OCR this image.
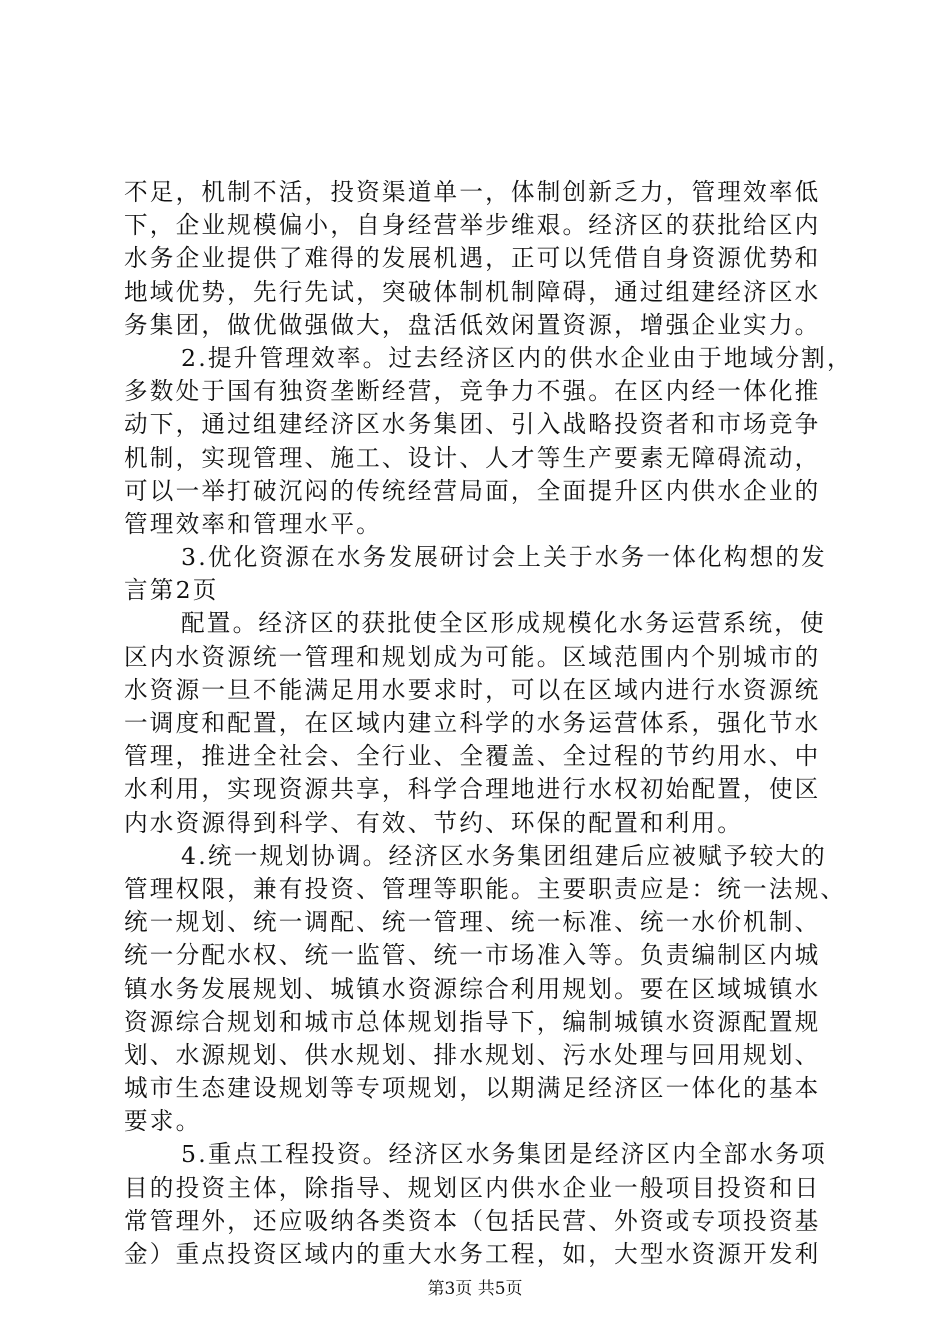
不足，机制不活，投资渠道单一，体制创新乏力，管理效率低
下，企业规模偏小，自身经营举步维艰。经济区的获批给区内
水务企业提供了难得的发展机遇，正可以凭借自身资源优势和
地域优势，先行先试，突破体制机制障碍，通过组建经济区水
务集团，做优做强做大，盘活低效闲置资源，增强企业实力。
2.提升管理效率。过去经济区内的供水企业由于地域分割，
多数处于国有独资垄断经营，竞争力不强。在区内经一体化推
动下，通过组建经济区水务集团、引入战略投资者和市场竞争
机制，实现管理、施工、设计、人才等生产要素无障碍流动，
可以一举打破沉闷的传统经营局面，全面提升区内供水企业的
管理效率和管理水平。
3.优化资源在水务发展研讨会上关于水务一体化构想的发
言第2页
配置。经济区的获批使全区形成规模化水务运营系统，使
区内水资源统一管理和规划成为可能。区域范围内个别城市的
水资源一旦不能满足用水要求时，可以在区域内进行水资源统
一调度和配置，在区域内建立科学的水务运营体系，强化节水
管理，推进全社会、全行业、全覆盖、全过程的节约用水、中
水利用，实现资源共享，科学合理地进行水权初始配置，使区
内水资源得到科学、有效、节约、环保的配置和利用。
4.统一规划协调。经济区水务集团组建后应被赋予较大的
管理权限，兼有投资、管理等职能。主要职责应是：统一法规、
统一规划、统一调配、统一管理、统一标准、统一水价机制、
统一分配水权、统一监管、统一市场准入等。负责编制区内城
镇水务发展规划、城镇水资源综合利用规划。要在区域城镇水
资源综合规划和城市总体规划指导下，编制城镇水资源配置规
划、水源规划、供水规划、排水规划、污水处理与回用规划、
城市生态建设规划等专项规划，以期满足经济区一体化的基本
要求。
5.重点工程投资。经济区水务集团是经济区内全部水务项
目的投资主体，除指导、规划区内供水企业一般项目投资和日
常管理外，还应吸纳各类资本（包括民营、外资或专项投资基
金）重点投资区域内的重大水务工程，如，大型水资源开发利
第3页 共5页
